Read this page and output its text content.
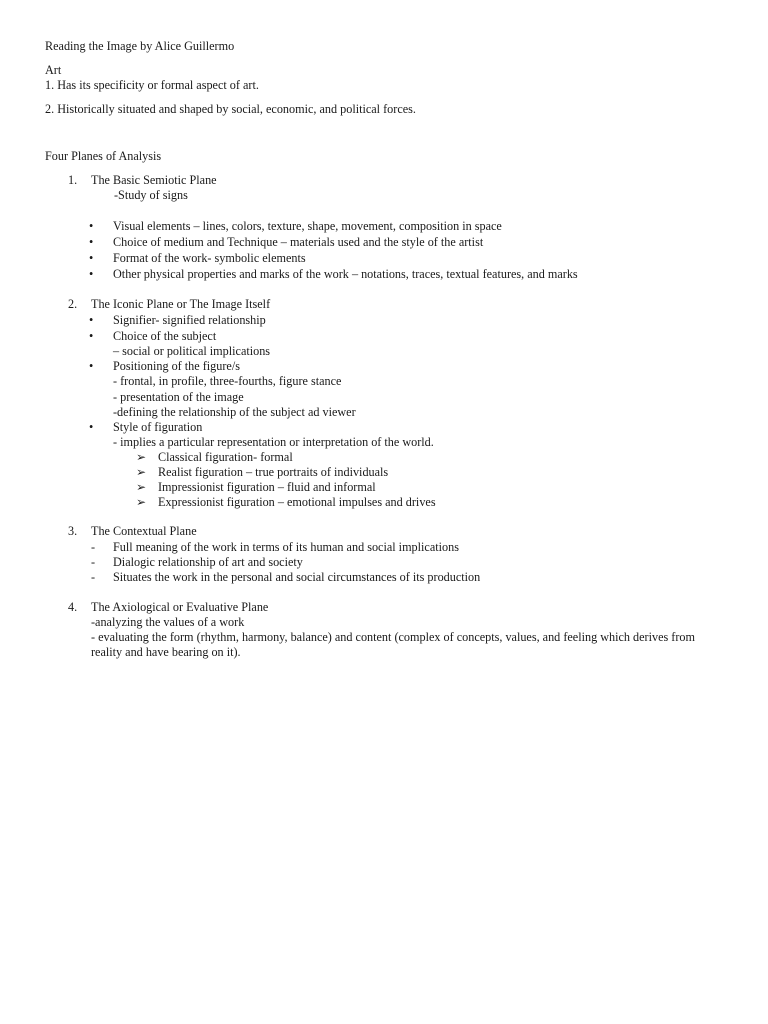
Reading the Image by Alice Guillermo
Art
1. Has its specificity or formal aspect of art.
2. Historically situated and shaped by social, economic, and political forces.
Four Planes of Analysis
1. The Basic Semiotic Plane
-Study of signs
• Visual elements – lines, colors, texture, shape, movement, composition in space
• Choice of medium and Technique – materials used and the style of the artist
• Format of the work- symbolic elements
• Other physical properties and marks of the work – notations, traces, textual features, and marks
2. The Iconic Plane or The Image Itself
• Signifier- signified relationship
• Choice of the subject
– social or political implications
• Positioning of the figure/s
- frontal, in profile, three-fourths, figure stance
- presentation of the image
-defining the relationship of the subject ad viewer
• Style of figuration
- implies a particular representation or interpretation of the world.
➢ Classical figuration- formal
➢ Realist figuration – true portraits of individuals
➢ Impressionist figuration – fluid and informal
➢ Expressionist figuration – emotional impulses and drives
3. The Contextual Plane
- Full meaning of the work in terms of its human and social implications
- Dialogic relationship of art and society
- Situates the work in the personal and social circumstances of its production
4. The Axiological or Evaluative Plane
-analyzing the values of a work
- evaluating the form (rhythm, harmony, balance) and content (complex of concepts, values, and feeling which derives from reality and have bearing on it).
